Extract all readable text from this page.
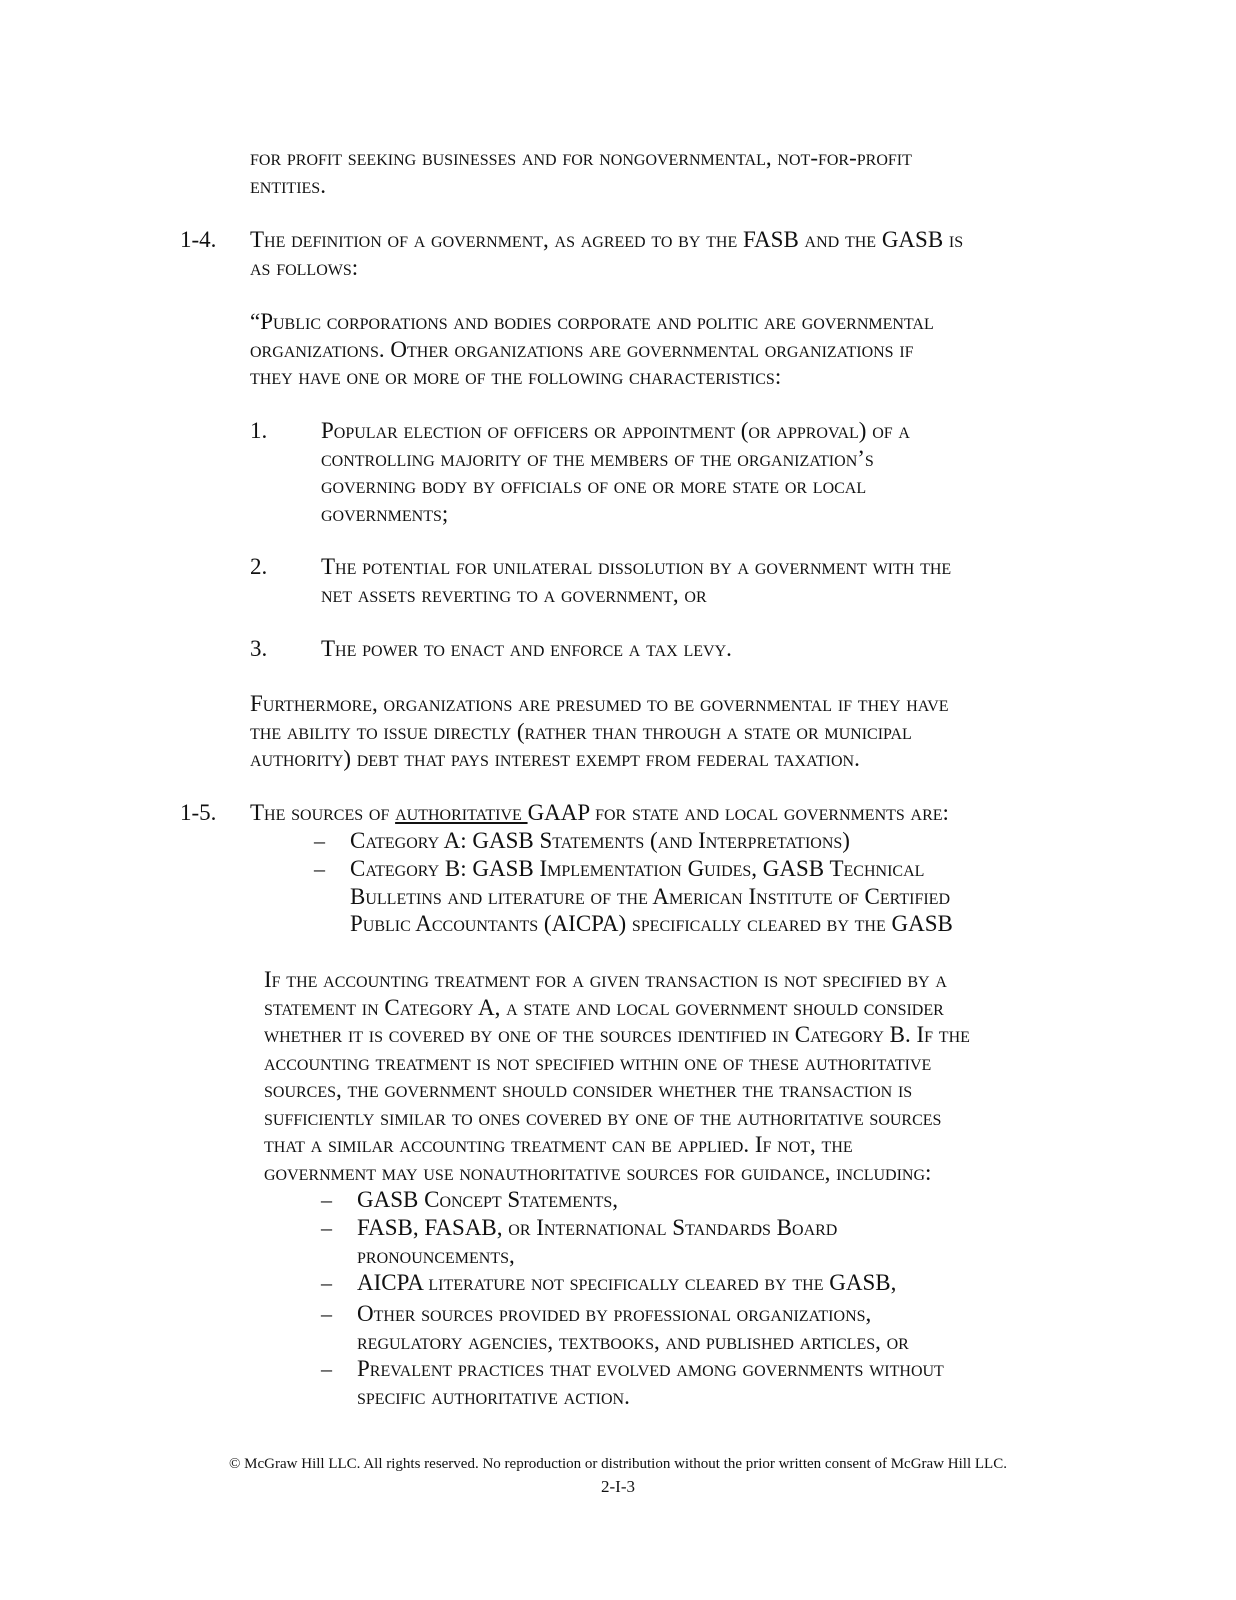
for profit seeking businesses and for nongovernmental, not-for-profit
entities.
1-4. The definition of a government, as agreed to by the FASB and the GASB is
as follows:
“Public corporations and bodies corporate and politic are governmental
organizations. Other organizations are governmental organizations if
they have one or more of the following characteristics:
1. Popular election of officers or appointment (or approval) of a
controlling majority of the members of the organization’s
governing body by officials of one or more state or local
governments;
2. The potential for unilateral dissolution by a government with the
net assets reverting to a government, or
3. The power to enact and enforce a tax levy.
Furthermore, organizations are presumed to be governmental if they have
the ability to issue directly (rather than through a state or municipal
authority) debt that pays interest exempt from federal taxation.
1-5. The sources of authoritative GAAP for state and local governments are:
– Category A: GASB Statements (and Interpretations)
– Category B: GASB Implementation Guides, GASB Technical
Bulletins and literature of the American Institute of Certified
Public Accountants (AICPA) specifically cleared by the GASB
If the accounting treatment for a given transaction is not specified by a
statement in Category A, a state and local government should consider
whether it is covered by one of the sources identified in Category B. If the
accounting treatment is not specified within one of these authoritative
sources, the government should consider whether the transaction is
sufficiently similar to ones covered by one of the authoritative sources
that a similar accounting treatment can be applied. If not, the
government may use nonauthoritative sources for guidance, including:
– GASB Concept Statements,
– FASB, FASAB, or International Standards Board
pronouncements,
– AICPA literature not specifically cleared by the GASB,
– Other sources provided by professional organizations,
regulatory agencies, textbooks, and published articles, or
– Prevalent practices that evolved among governments without
specific authoritative action.
© McGraw Hill LLC. All rights reserved. No reproduction or distribution without the prior written consent of McGraw Hill LLC.
2-I-3
